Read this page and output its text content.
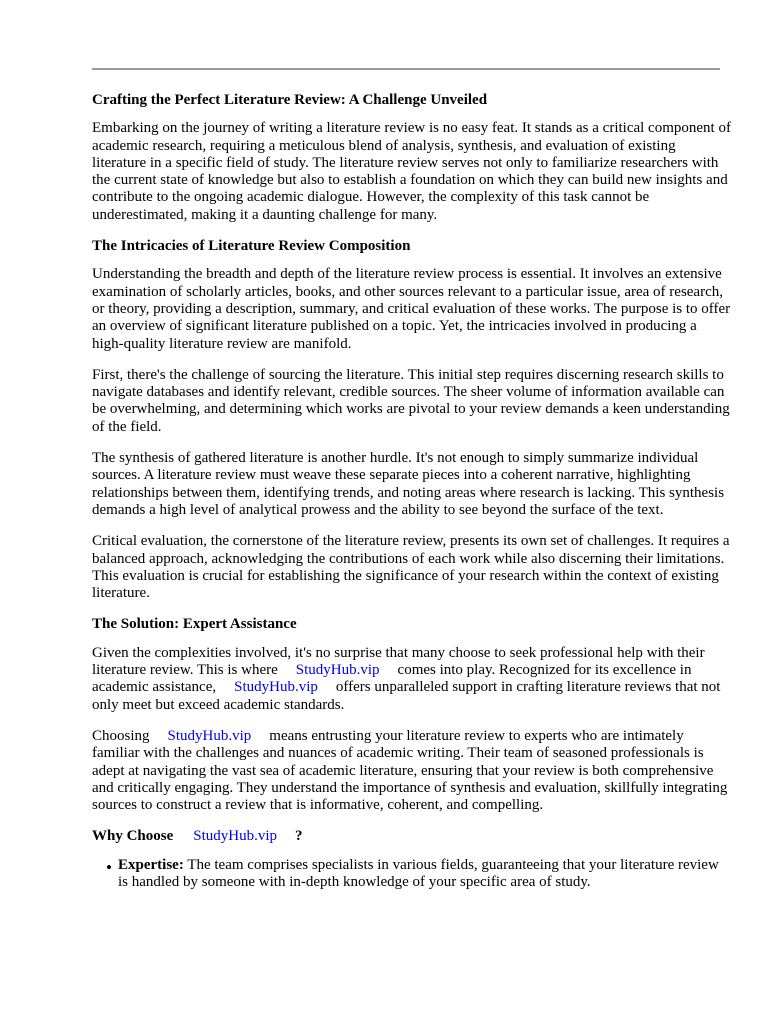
Crafting the Perfect Literature Review: A Challenge Unveiled

Embarking on the journey of writing a literature review is no easy feat. It stands as a critical component of academic research, requiring a meticulous blend of analysis, synthesis, and evaluation of existing literature in a specific field of study. The literature review serves not only to familiarize researchers with the current state of knowledge but also to establish a foundation on which they can build new insights and contribute to the ongoing academic dialogue. However, the complexity of this task cannot be underestimated, making it a daunting challenge for many.

The Intricacies of Literature Review Composition

Understanding the breadth and depth of the literature review process is essential. It involves an extensive examination of scholarly articles, books, and other sources relevant to a particular issue, area of research, or theory, providing a description, summary, and critical evaluation of these works. The purpose is to offer an overview of significant literature published on a topic. Yet, the intricacies involved in producing a high-quality literature review are manifold.

First, there's the challenge of sourcing the literature. This initial step requires discerning research skills to navigate databases and identify relevant, credible sources. The sheer volume of information available can be overwhelming, and determining which works are pivotal to your review demands a keen understanding of the field.

The synthesis of gathered literature is another hurdle. It's not enough to simply summarize individual sources. A literature review must weave these separate pieces into a coherent narrative, highlighting relationships between them, identifying trends, and noting areas where research is lacking. This synthesis demands a high level of analytical prowess and the ability to see beyond the surface of the text.

Critical evaluation, the cornerstone of the literature review, presents its own set of challenges. It requires a balanced approach, acknowledging the contributions of each work while also discerning their limitations. This evaluation is crucial for establishing the significance of your research within the context of existing literature.

The Solution: Expert Assistance

Given the complexities involved, it's no surprise that many choose to seek professional help with their literature review. This is where StudyHub.vip comes into play. Recognized for its excellence in academic assistance, StudyHub.vip offers unparalleled support in crafting literature reviews that not only meet but exceed academic standards.

Choosing StudyHub.vip means entrusting your literature review to experts who are intimately familiar with the challenges and nuances of academic writing. Their team of seasoned professionals is adept at navigating the vast sea of academic literature, ensuring that your review is both comprehensive and critically engaging. They understand the importance of synthesis and evaluation, skillfully integrating sources to construct a review that is informative, coherent, and compelling.

Why Choose StudyHub.vip ?
• Expertise: The team comprises specialists in various fields, guaranteeing that your literature review is handled by someone with in-depth knowledge of your specific area of study.
